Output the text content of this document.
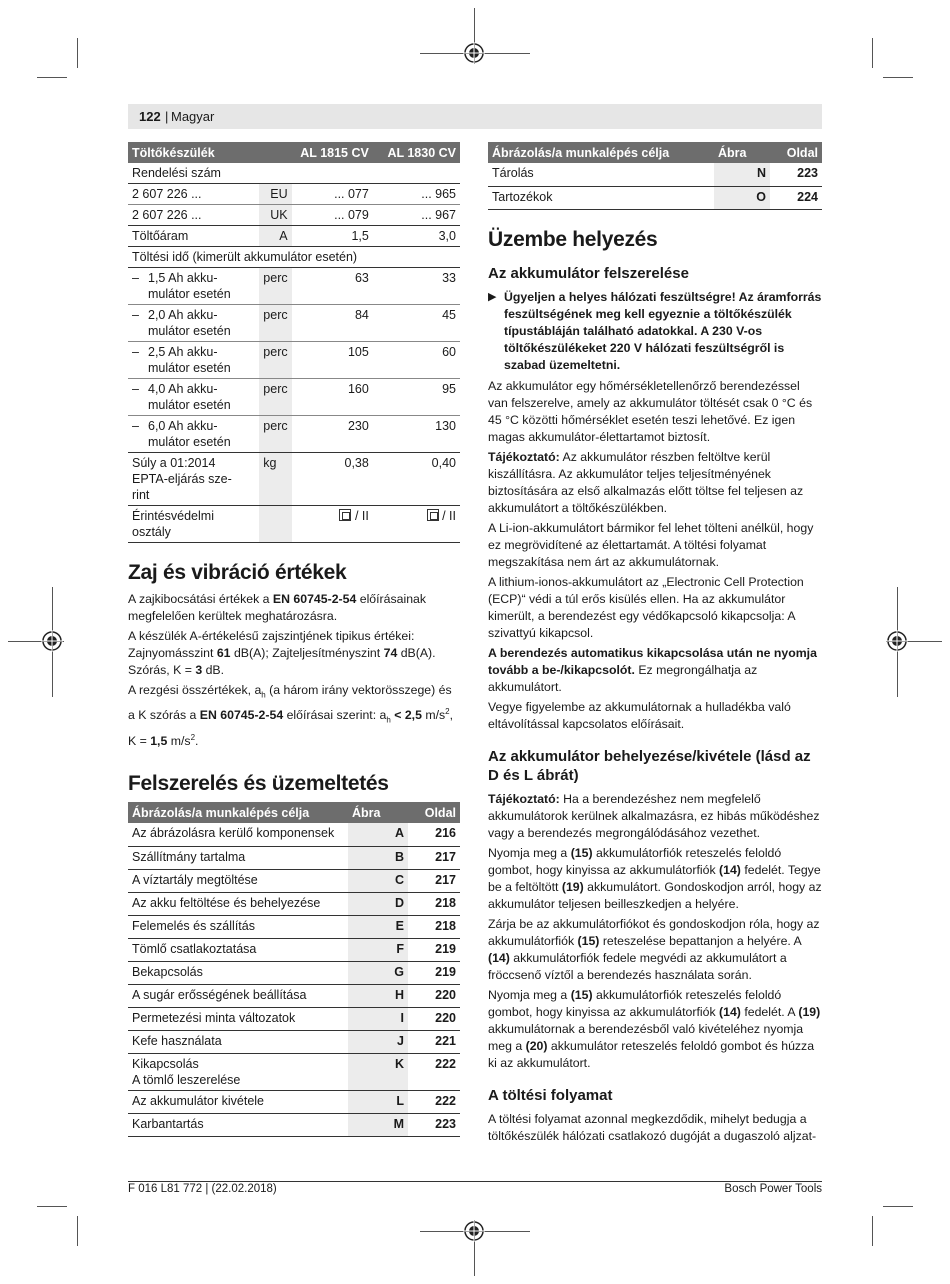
122 | Magyar
Töltőkészülék		AL 1815 CV	AL 1830 CV
Rendelési szám			
2 607 226 ...	EU	... 077	... 965
2 607 226 ...	UK	... 079	... 967
Töltőáram	A	1,5	3,0
Töltési idő (kimerült akkumulátor esetén)			
– 1,5 Ah akku-
mulátor esetén	perc	63	33
– 2,0 Ah akku-
mulátor esetén	perc	84	45
– 2,5 Ah akku-
mulátor esetén	perc	105	60
– 4,0 Ah akku-
mulátor esetén	perc	160	95
– 6,0 Ah akku-
mulátor esetén	perc	230	130
Súly a 01:2014
EPTA-eljárás sze-
rint	kg	0,38	0,40
Érintésvédelmi
osztály		/ II	/ II
Zaj és vibráció értékek

A zajkibocsátási értékek a EN 60745-2-54 előírásainak megfelelően kerültek meghatározásra.

A készülék A-értékelésű zajszintjének tipikus értékei: Zajnyomásszint 61 dB(A); Zajteljesítményszint 74 dB(A). Szórás, K = 3 dB.

A rezgési összértékek, $a_h$ (a három irány vektorösszege) és a K szórás a EN 60745-2-54 előírásai szerint: $a_h < 2,5$ $m/s^2$, K = 1,5 $m/s^2$.

Felszerelés és üzemeltetés
Ábrázolás/a munkalépés célja	Ábra	Oldal
Az ábrázolásra kerülő komponensek	A	216
Szállítmány tartalma	B	217
A víztartály megtöltése	C	217
Az akku feltöltése és behelyezése	D	218
Felemelés és szállítás	E	218
Tömlő csatlakoztatása	F	219
Bekapcsolás	G	219
A sugár erősségének beállítása	H	220
Permetezési minta változatok	I	220
Kefe használata	J	221
Kikapcsolás
A tömlő leszerelése	K	222
Az akkumulátor kivétele	L	222
Karbantartás	M	223
Ábrázolás/a munkalépés célja	Ábra	Oldal
Tárolás	N	223
Tartozékok	O	224
Üzembe helyezés
Az akkumulátor felszerelése
▶ Ügyeljen a helyes hálózati feszültségre! Az áramforrás feszültségének meg kell egyeznie a töltőkészülék típustábláján található adatokkal. A 230 V-os töltőkészülékeket 220 V hálózati feszültségről is szabad üzemeltetni.

Az akkumulátor egy hőmérsékletellenőrző berendezéssel van felszerelve, amely az akkumulátor töltését csak 0 °C és 45 °C közötti hőmérséklet esetén teszi lehetővé. Ez igen magas akkumulátor-élettartamot biztosít.

Tájékoztató: Az akkumulátor részben feltöltve kerül kiszállításra. Az akkumulátor teljes teljesítményének biztosítására az első alkalmazás előtt töltse fel teljesen az akkumulátort a töltőkészülékben.

A Li-ion-akkumulátort bármikor fel lehet tölteni anélkül, hogy ez megrövidítené az élettartamát. A töltési folyamat megszakítása nem árt az akkumulátornak.

A lithium-ionos-akkumulátort az „Electronic Cell Protection (ECP)“ védi a túl erős kisülés ellen. Ha az akkumulátor kimerült, a berendezést egy védőkapcsoló kikapcsolja: A szivattyú kikapcsol.

A berendezés automatikus kikapcsolása után ne nyomja tovább a be-/kikapcsolót. Ez megrongálhatja az akkumulátort.

Vegye figyelembe az akkumulátornak a hulladékba való eltávolítással kapcsolatos előírásait.

Az akkumulátor behelyezése/kivétele (lásd az D és L ábrát)

Tájékoztató: Ha a berendezéshez nem megfelelő akkumulátorok kerülnek alkalmazásra, ez hibás működéshez vagy a berendezés megrongálódásához vezethet.

Nyomja meg a (15) akkumulátorfiók reteszelés feloldó gombot, hogy kinyissa az akkumulátorfiók (14) fedelét. Tegye be a feltöltött (19) akkumulátort. Gondoskodjon arról, hogy az akkumulátor teljesen beilleszkedjen a helyére.

Zárja be az akkumulátorfiókot és gondoskodjon róla, hogy az akkumulátorfiók (15) reteszelése bepattanjon a helyére. A (14) akkumulátorfiók fedele megvédi az akkumulátort a fröccsenő víztől a berendezés használata során.

Nyomja meg a (15) akkumulátorfiók reteszelés feloldó gombot, hogy kinyissa az akkumulátorfiók (14) fedelét. A (19) akkumulátornak a berendezésből való kivételéhez nyomja meg a (20) akkumulátor reteszelés feloldó gombot és húzza ki az akkumulátort.

A töltési folyamat

A töltési folyamat azonnal megkezdődik, mihelyt bedugja a töltőkészülék hálózati csatlakozó dugóját a dugaszoló aljzat-

F 016 L81 772 | (22.02.2018)	Bosch Power Tools
